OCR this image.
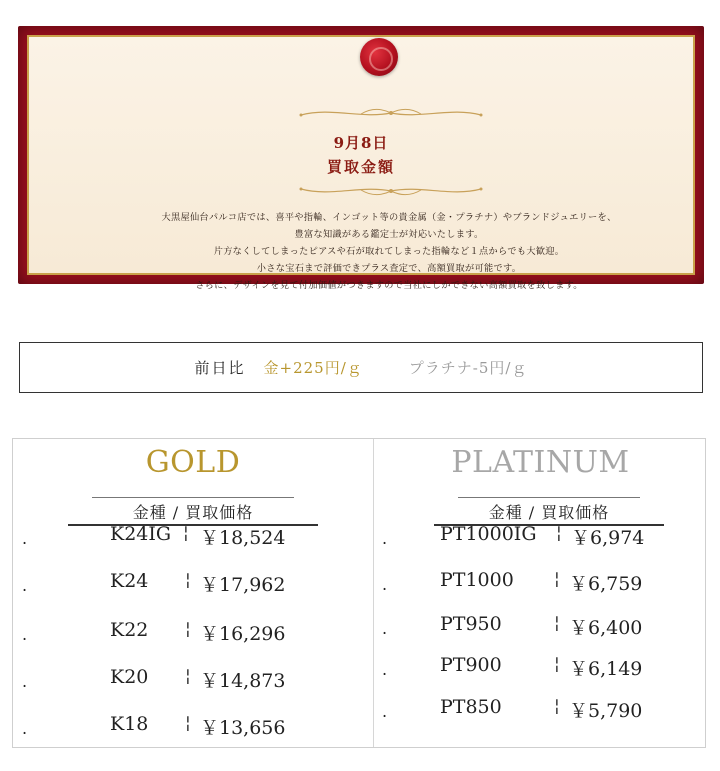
9月8日
買取金額

大黒屋仙台パルコ店では、喜平や指輪、インゴット等の貴金属（金・プラチナ）やブランドジュエリーを、

豊富な知識がある鑑定士が対応いたします。

片方なくしてしまったピアスや石が取れてしまった指輪など１点からでも大歓迎。

小さな宝石まで評価できプラス査定で、高額買取が可能です。

さらに、デザインを見て付加価値がつきますので当社にしかできない高額買取を致します。

前日比 金+225円/ｇ	プラチナ-5円/ｇ
GOLD
金種 / 買取価格
.	K24IG ¦ ￥18,524
.	K24 ¦ ￥17,962
.	K22 ¦ ￥16,296
.	K20 ¦ ￥14,873
.	K18 ¦ ￥13,656
PLATINUM
金種 / 買取価格
.	PT1000IG ¦ ￥6,974
.	PT1000 ¦ ￥6,759
.	PT950	¦ ￥6,400
.	PT900	¦ ￥6,149
.	PT850	¦ ￥5,790
